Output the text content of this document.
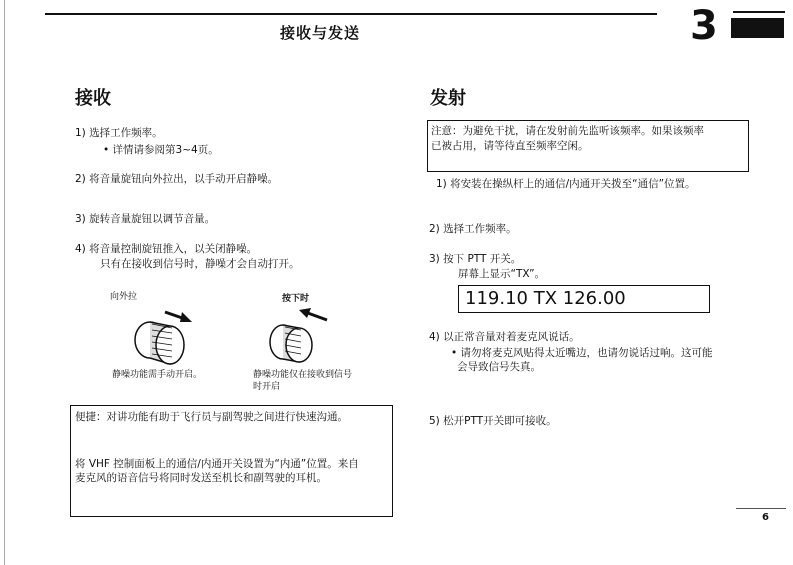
接收与发送	3
接收
1) 选择工作频率。
• 详情请参阅第3~4页。
2) 将音量旋钮向外拉出，以手动开启静噪。
3) 旋转音量旋钮以调节音量。
4) 将音量控制旋钮推入，以关闭静噪。
只有在接收到信号时，静噪才会自动打开。
向外拉	按下时
静噪功能需手动开启。	静噪功能仅在接收到信号
时开启
便捷：对讲功能有助于飞行员与副驾驶之间进行快速沟通。
将 VHF 控制面板上的通信/内通开关设置为“内通”位置。来自
麦克风的语音信号将同时发送至机长和副驾驶的耳机。
发射
注意：为避免干扰，请在发射前先监听该频率。如果该频率
已被占用，请等待直至频率空闲。
1) 将安装在操纵杆上的通信/内通开关拨至“通信”位置。
2) 选择工作频率。
3) 按下 PTT 开关。
屏幕上显示“TX”。
119.10 TX 126.00
4) 以正常音量对着麦克风说话。
• 请勿将麦克风贴得太近嘴边，也请勿说话过响。这可能
会导致信号失真。
5) 松开PTT开关即可接收。
6
